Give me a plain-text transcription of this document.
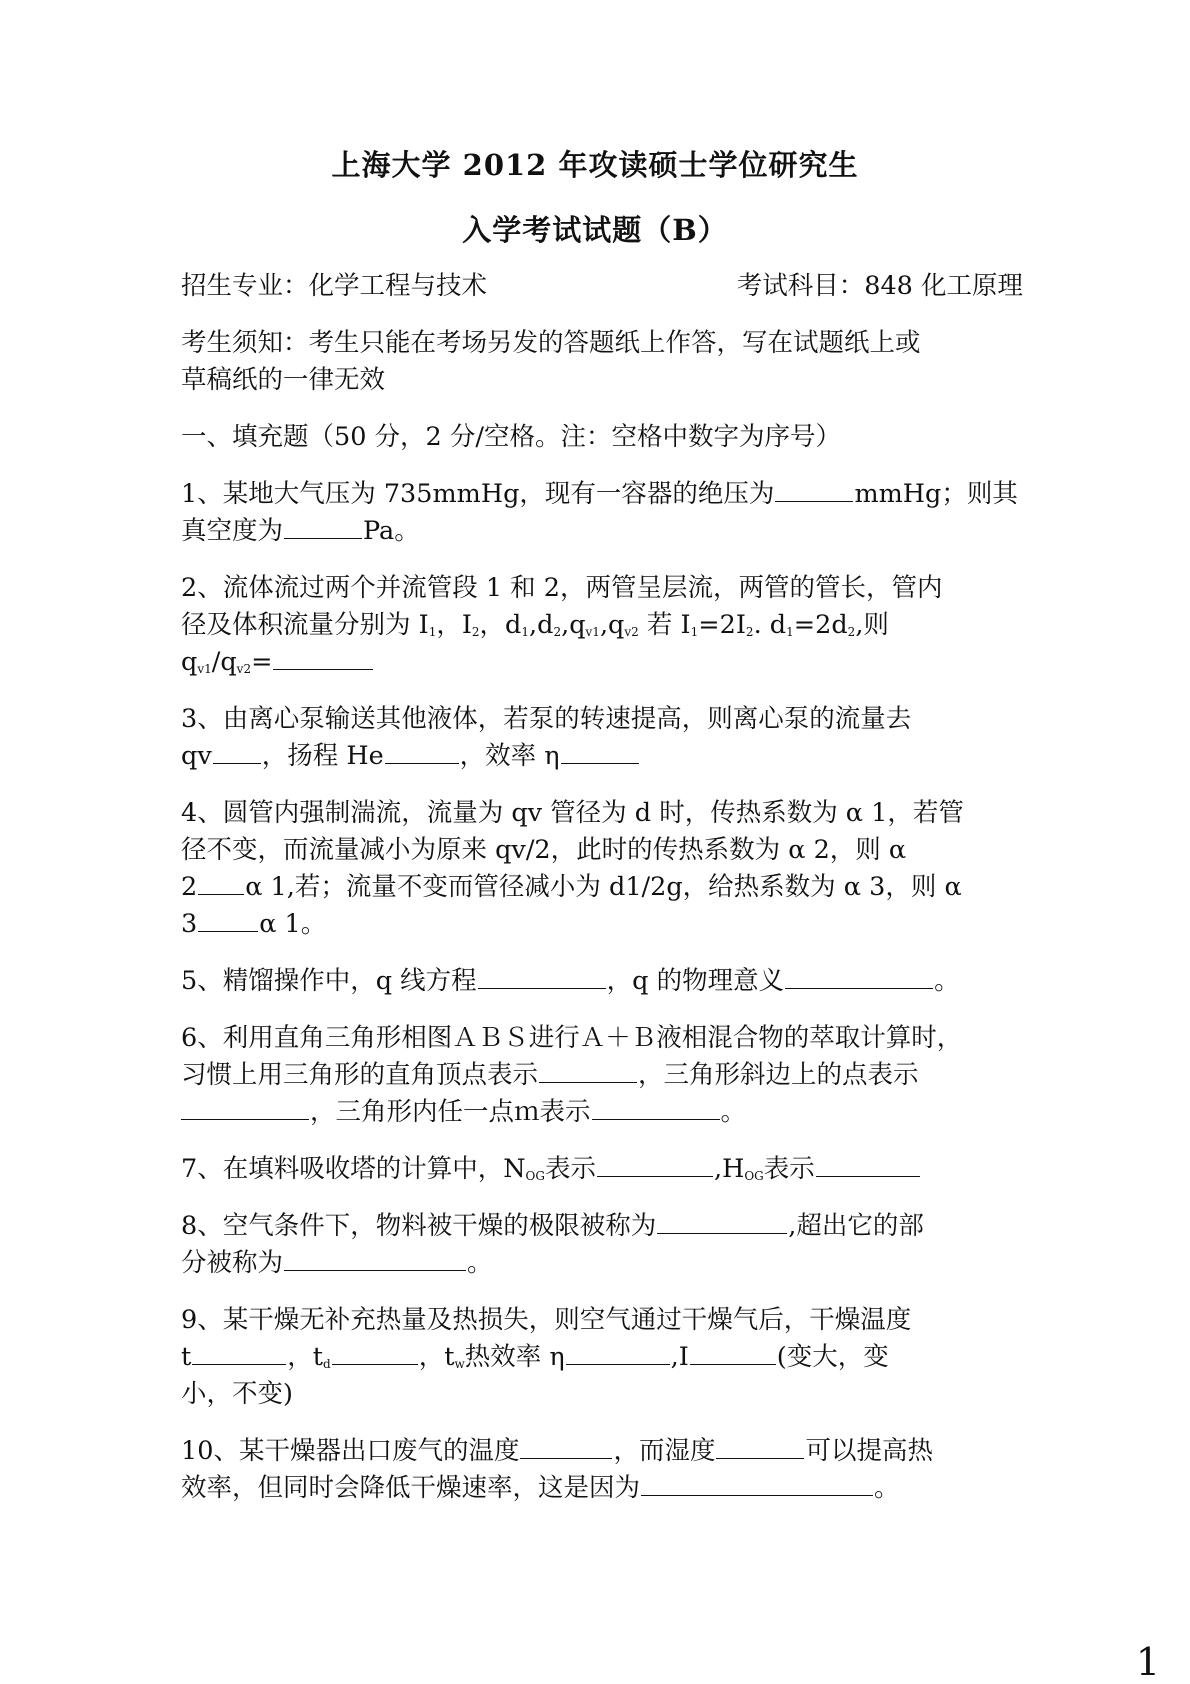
上海大学 2012 年攻读硕士学位研究生
入学考试试题（B）
招生专业：化学工程与技术	考试科目：848 化工原理
考生须知：考生只能在考场另发的答题纸上作答，写在试题纸上或
草稿纸的一律无效
一、填充题（50 分，2 分/空格。注：空格中数字为序号）
1、某地大气压为 735mmHg，现有一容器的绝压为	mmHg；则其
真空度为	Pa。
2、流体流过两个并流管段 1 和 2，两管呈层流，两管的管长，管内
径及体积流量分别为 $I_1$，$I_2$，$d_1,d_2,q_{v1},q_{v2}$ 若 $I_1=2I_2$. $d_1=2d_2$,则
$q_{v1}/q_{v2}=$
3、由离心泵输送其他液体，若泵的转速提高，则离心泵的流量去
qv ，扬程 He	，效率 η
4、圆管内强制湍流，流量为 qv 管径为 d 时，传热系数为 α 1，若管
径不变，而流量减小为原来 qv/2，此时的传热系数为 α 2，则 α
2 α 1,若；流量不变而管径减小为 d1/2g，给热系数为 α 3，则 α
3 α 1。
5、精馏操作中，q 线方程	，q 的物理意义	。
6、利用直角三角形相图ＡＢＳ进行Ａ＋Ｂ液相混合物的萃取计算时，
习惯上用三角形的直角顶点表示	，三角形斜边上的点表示
，三角形内任一点ｍ表示	。
7、在填料吸收塔的计算中，$N_{OG}$表示	$,H_{OG}$表示
8、空气条件下，物料被干燥的极限被称为	,超出它的部
分被称为	。
9、某干燥无补充热量及热损失，则空气通过干燥气后，干燥温度
t	，$t_d$	，$t_w$热效率 η	,I	(变大，变
小，不变)
10、某干燥器出口废气的温度	，而湿度	可以提高热
效率，但同时会降低干燥速率，这是因为	。
1
